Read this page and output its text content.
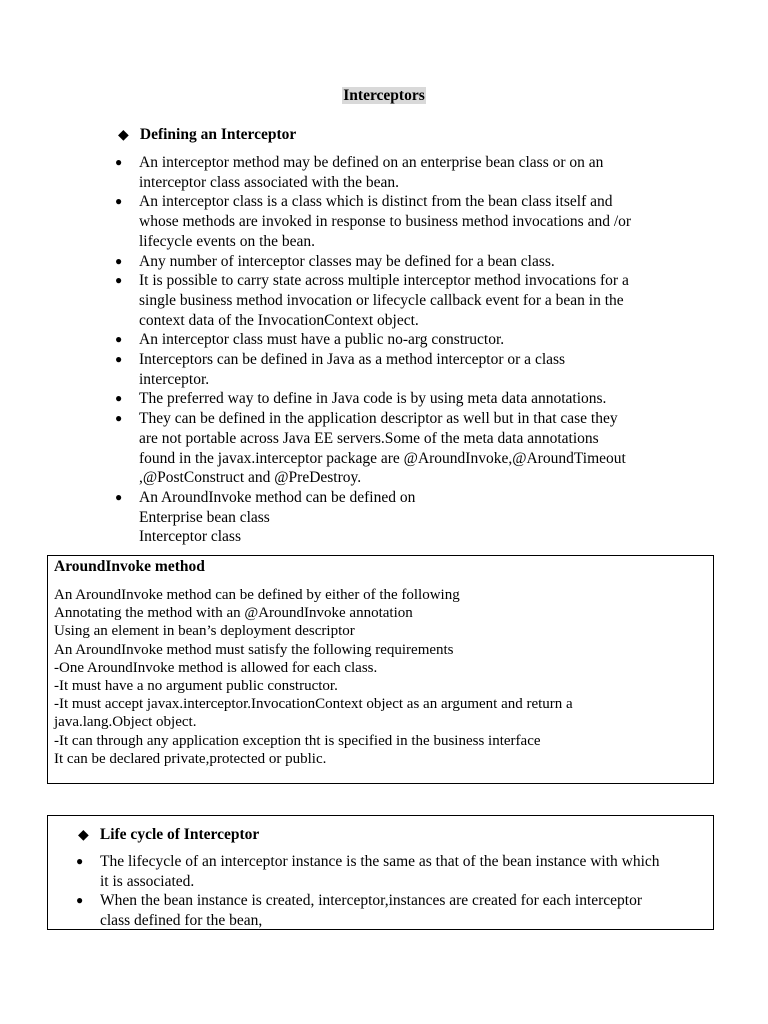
Interceptors
◆ Defining an Interceptor
● An interceptor method may be defined on an enterprise bean class or on an
interceptor class associated with the bean.
● An interceptor class is a class which is distinct from the bean class itself and
whose methods are invoked in response to business method invocations and /or
lifecycle events on the bean.
● Any number of interceptor classes may be defined for a bean class.
● It is possible to carry state across multiple interceptor method invocations for a
single business method invocation or lifecycle callback event for a bean in the
context data of the InvocationContext object.
● An interceptor class must have a public no-arg constructor.
● Interceptors can be defined in Java as a method interceptor or a class
interceptor.
● The preferred way to define in Java code is by using meta data annotations.
● They can be defined in the application descriptor as well but in that case they
are not portable across Java EE servers.Some of the meta data annotations
found in the javax.interceptor package are @AroundInvoke,@AroundTimeout
,@PostConstruct and @PreDestroy.
● An AroundInvoke method can be defined on
Enterprise bean class
Interceptor class
AroundInvoke method
An AroundInvoke method can be defined by either of the following
Annotating the method with an @AroundInvoke annotation
Using an element in bean’s deployment descriptor
An AroundInvoke method must satisfy the following requirements
-One AroundInvoke method is allowed for each class.
-It must have a no argument public constructor.
-It must accept javax.interceptor.InvocationContext object as an argument and return a
java.lang.Object object.
-It can through any application exception tht is specified in the business interface
It can be declared private,protected or public.
◆ Life cycle of Interceptor
● The lifecycle of an interceptor instance is the same as that of the bean instance with which
it is associated.
● When the bean instance is created, interceptor,instances are created for each interceptor
class defined for the bean,
